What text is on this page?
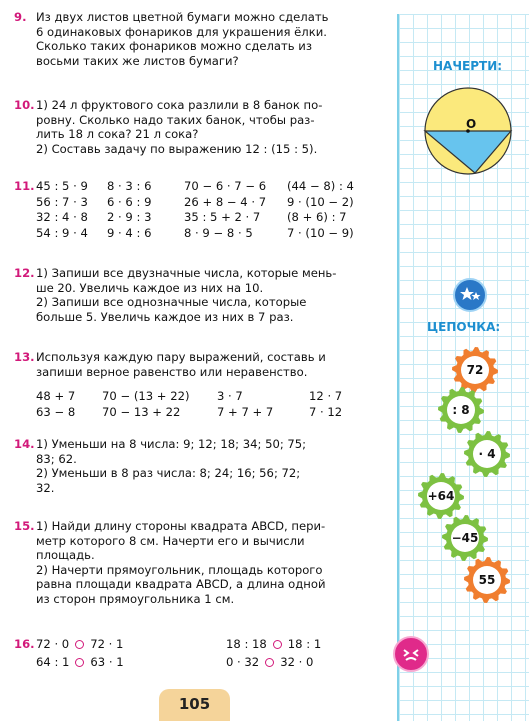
9. Из двух листов цветной бумаги можно сделать
6 одинаковых фонариков для украшения ёлки.
Сколько таких фонариков можно сделать из
восьми таких же листов бумаги?
10. 1) 24 л фруктового сока разлили в 8 банок по-
ровну. Сколько надо таких банок, чтобы раз-
лить 18 л сока? 21 л сока?
2) Составь задачу по выражению 12 : (15 : 5).
11. 45 : 5 · 9	8 · 3 : 6	70 − 6 · 7 − 6	(44 − 8) : 4
56 : 7 · 3	6 · 6 : 9	26 + 8 − 4 · 7	9 · (10 − 2)
32 : 4 · 8	2 · 9 : 3	35 : 5 + 2 · 7	(8 + 6) : 7
54 : 9 · 4	9 · 4 : 6	8 · 9 − 8 · 5	7 · (10 − 9)
12. 1) Запиши все двузначные числа, которые мень-
ше 20. Увеличь каждое из них на 10.
2) Запиши все однозначные числа, которые
больше 5. Увеличь каждое из них в 7 раз.
13. Используя каждую пару выражений, составь и
запиши верное равенство или неравенство.
48 + 7	70 − (13 + 22)	3 · 7	12 · 7
63 − 8	70 − 13 + 22	7 + 7 + 7	7 · 12
14. 1) Уменьши на 8 числа: 9; 12; 18; 34; 50; 75;
83; 62.
2) Уменьши в 8 раз числа: 8; 24; 16; 56; 72;
32.
15. 1) Найди длину стороны квадрата ABCD, пери-
метр которого 8 см. Начерти его и вычисли
площадь.
2) Начерти прямоугольник, площадь которого
равна площади квадрата ABCD, а длина одной
из сторон прямоугольника 1 см.
16. 72 · 0 72 · 1	18 : 18 18 : 1
64 : 1 63 · 1	0 · 32 32 · 0
105
НАЧЕРТИ:
O
ЦЕПОЧКА:
72
: 8
· 4
+64
−45
55
